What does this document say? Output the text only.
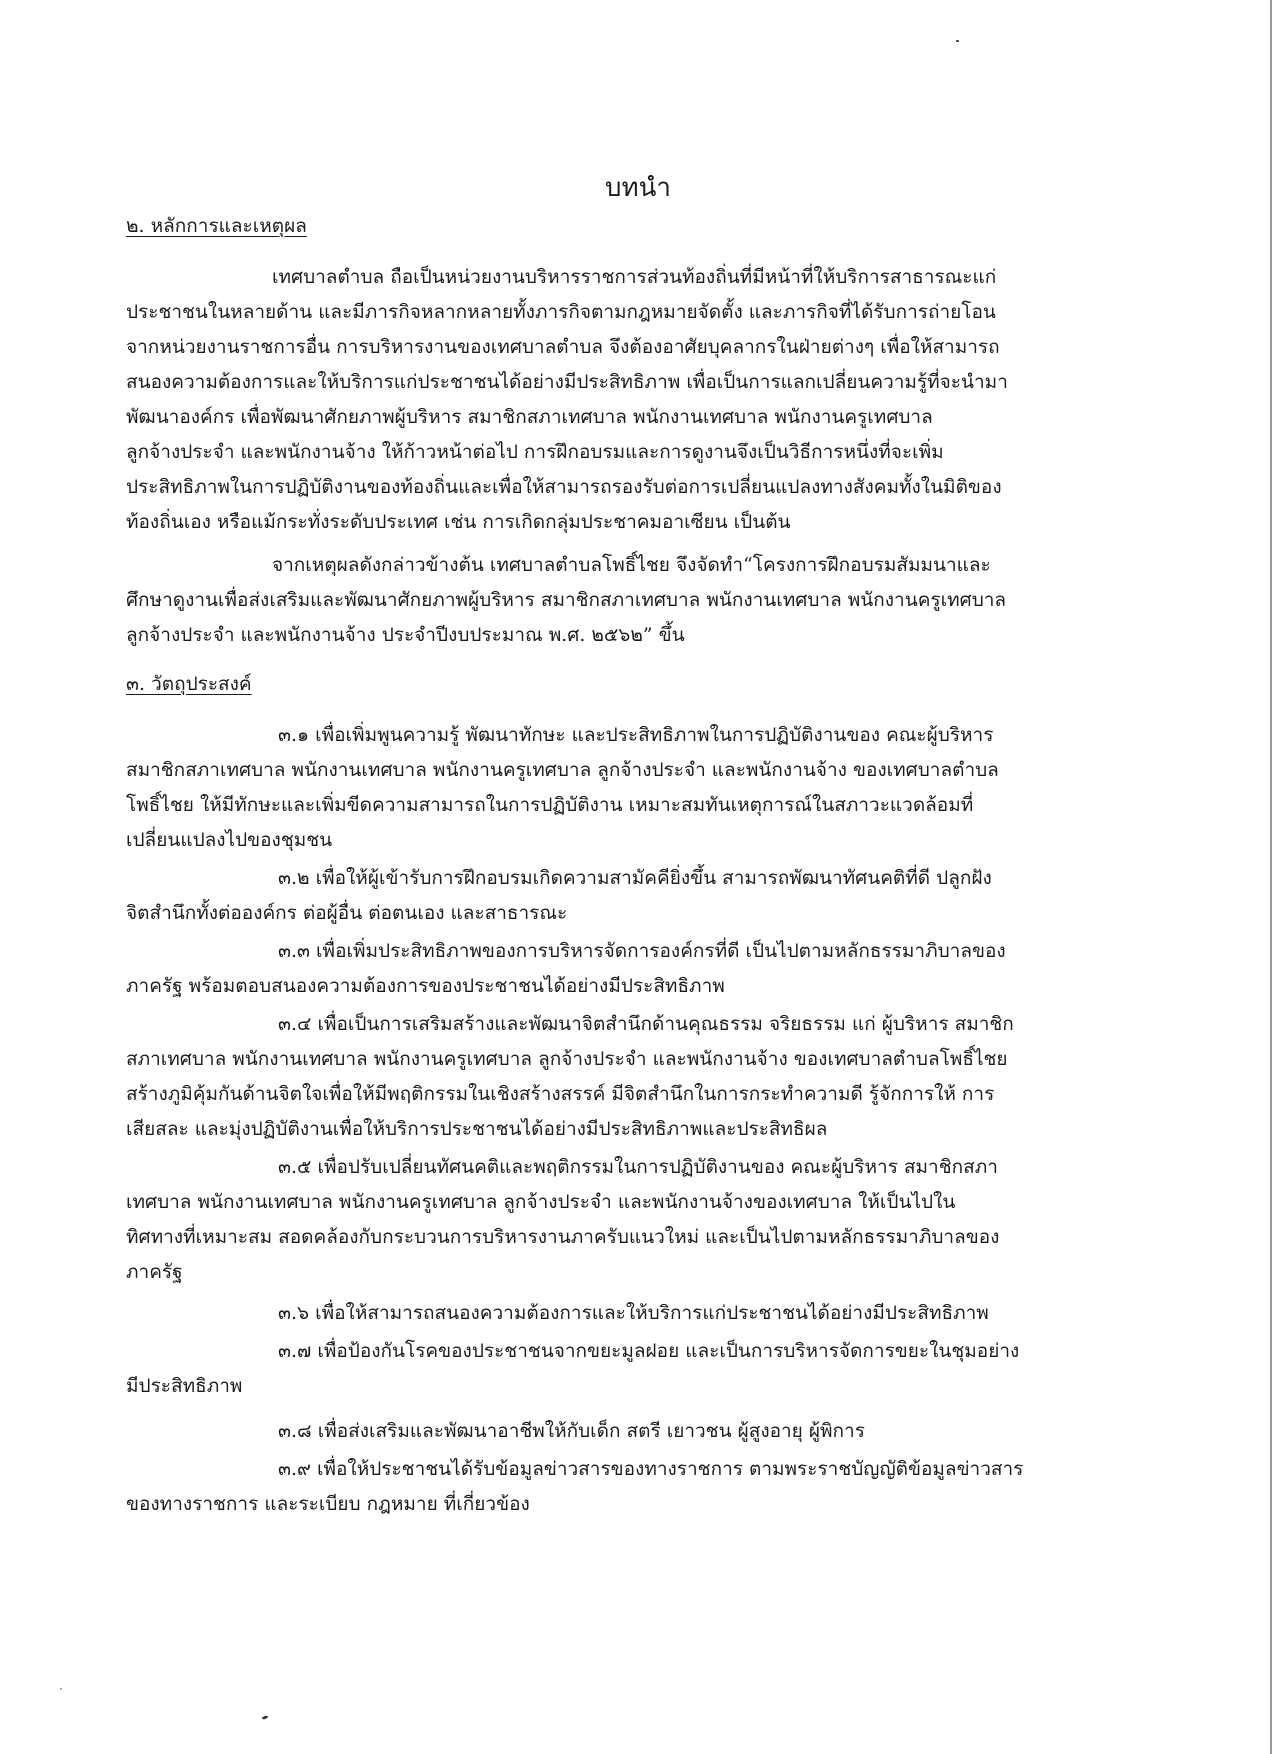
บทนำ
๒. หลักการและเหตุผล
เทศบาลตำบล ถือเป็นหน่วยงานบริหารราชการส่วนท้องถิ่นที่มีหน้าที่ให้บริการสาธารณะแก่
ประชาชนในหลายด้าน และมีภารกิจหลากหลายทั้งภารกิจตามกฎหมายจัดตั้ง และภารกิจที่ได้รับการถ่ายโอน
จากหน่วยงานราชการอื่น การบริหารงานของเทศบาลตำบล จึงต้องอาศัยบุคลากรในฝ่ายต่างๆ เพื่อให้สามารถ
สนองความต้องการและให้บริการแก่ประชาชนได้อย่างมีประสิทธิภาพ เพื่อเป็นการแลกเปลี่ยนความรู้ที่จะนำมา
พัฒนาองค์กร เพื่อพัฒนาศักยภาพผู้บริหาร สมาชิกสภาเทศบาล พนักงานเทศบาล พนักงานครูเทศบาล
ลูกจ้างประจำ และพนักงานจ้าง ให้ก้าวหน้าต่อไป การฝึกอบรมและการดูงานจึงเป็นวิธีการหนึ่งที่จะเพิ่ม
ประสิทธิภาพในการปฏิบัติงานของท้องถิ่นและเพื่อให้สามารถรองรับต่อการเปลี่ยนแปลงทางสังคมทั้งในมิติของ
ท้องถิ่นเอง หรือแม้กระทั่งระดับประเทศ เช่น การเกิดกลุ่มประชาคมอาเซียน เป็นต้น
จากเหตุผลดังกล่าวข้างต้น เทศบาลตำบลโพธิ์ไชย จึงจัดทำ“โครงการฝึกอบรมสัมมนาและ
ศึกษาดูงานเพื่อส่งเสริมและพัฒนาศักยภาพผู้บริหาร สมาชิกสภาเทศบาล พนักงานเทศบาล พนักงานครูเทศบาล
ลูกจ้างประจำ และพนักงานจ้าง ประจำปีงบประมาณ พ.ศ. ๒๕๖๒” ขึ้น
๓. วัตถุประสงค์
๓.๑ เพื่อเพิ่มพูนความรู้ พัฒนาทักษะ และประสิทธิภาพในการปฏิบัติงานของ คณะผู้บริหาร
สมาชิกสภาเทศบาล พนักงานเทศบาล พนักงานครูเทศบาล ลูกจ้างประจำ และพนักงานจ้าง ของเทศบาลตำบล
โพธิ์ไชย ให้มีทักษะและเพิ่มขีดความสามารถในการปฏิบัติงาน เหมาะสมทันเหตุการณ์ในสภาวะแวดล้อมที่
เปลี่ยนแปลงไปของชุมชน
๓.๒ เพื่อให้ผู้เข้ารับการฝึกอบรมเกิดความสามัคคียิ่งขึ้น สามารถพัฒนาทัศนคติที่ดี ปลูกฝัง
จิตสำนึกทั้งต่อองค์กร ต่อผู้อื่น ต่อตนเอง และสาธารณะ
๓.๓ เพื่อเพิ่มประสิทธิภาพของการบริหารจัดการองค์กรที่ดี เป็นไปตามหลักธรรมาภิบาลของ
ภาครัฐ พร้อมตอบสนองความต้องการของประชาชนได้อย่างมีประสิทธิภาพ
๓.๔ เพื่อเป็นการเสริมสร้างและพัฒนาจิตสำนึกด้านคุณธรรม จริยธรรม แก่ ผู้บริหาร สมาชิก
สภาเทศบาล พนักงานเทศบาล พนักงานครูเทศบาล ลูกจ้างประจำ และพนักงานจ้าง ของเทศบาลตำบลโพธิ์ไชย
สร้างภูมิคุ้มกันด้านจิตใจเพื่อให้มีพฤติกรรมในเชิงสร้างสรรค์ มีจิตสำนึกในการกระทำความดี รู้จักการให้ การ
เสียสละ และมุ่งปฏิบัติงานเพื่อให้บริการประชาชนได้อย่างมีประสิทธิภาพและประสิทธิผล
๓.๕ เพื่อปรับเปลี่ยนทัศนคติและพฤติกรรมในการปฏิบัติงานของ คณะผู้บริหาร สมาชิกสภา
เทศบาล พนักงานเทศบาล พนักงานครูเทศบาล ลูกจ้างประจำ และพนักงานจ้างของเทศบาล ให้เป็นไปใน
ทิศทางที่เหมาะสม สอดคล้องกับกระบวนการบริหารงานภาครับแนวใหม่ และเป็นไปตามหลักธรรมาภิบาลของ
ภาครัฐ
๓.๖ เพื่อให้สามารถสนองความต้องการและให้บริการแก่ประชาชนได้อย่างมีประสิทธิภาพ
๓.๗ เพื่อป้องกันโรคของประชาชนจากขยะมูลฝอย และเป็นการบริหารจัดการขยะในชุมอย่าง
มีประสิทธิภาพ
๓.๘ เพื่อส่งเสริมและพัฒนาอาชีพให้กับเด็ก สตรี เยาวชน ผู้สูงอายุ ผู้พิการ
๓.๙ เพื่อให้ประชาชนได้รับข้อมูลข่าวสารของทางราชการ ตามพระราชบัญญัติข้อมูลข่าวสาร
ของทางราชการ และระเบียบ กฎหมาย ที่เกี่ยวข้อง
